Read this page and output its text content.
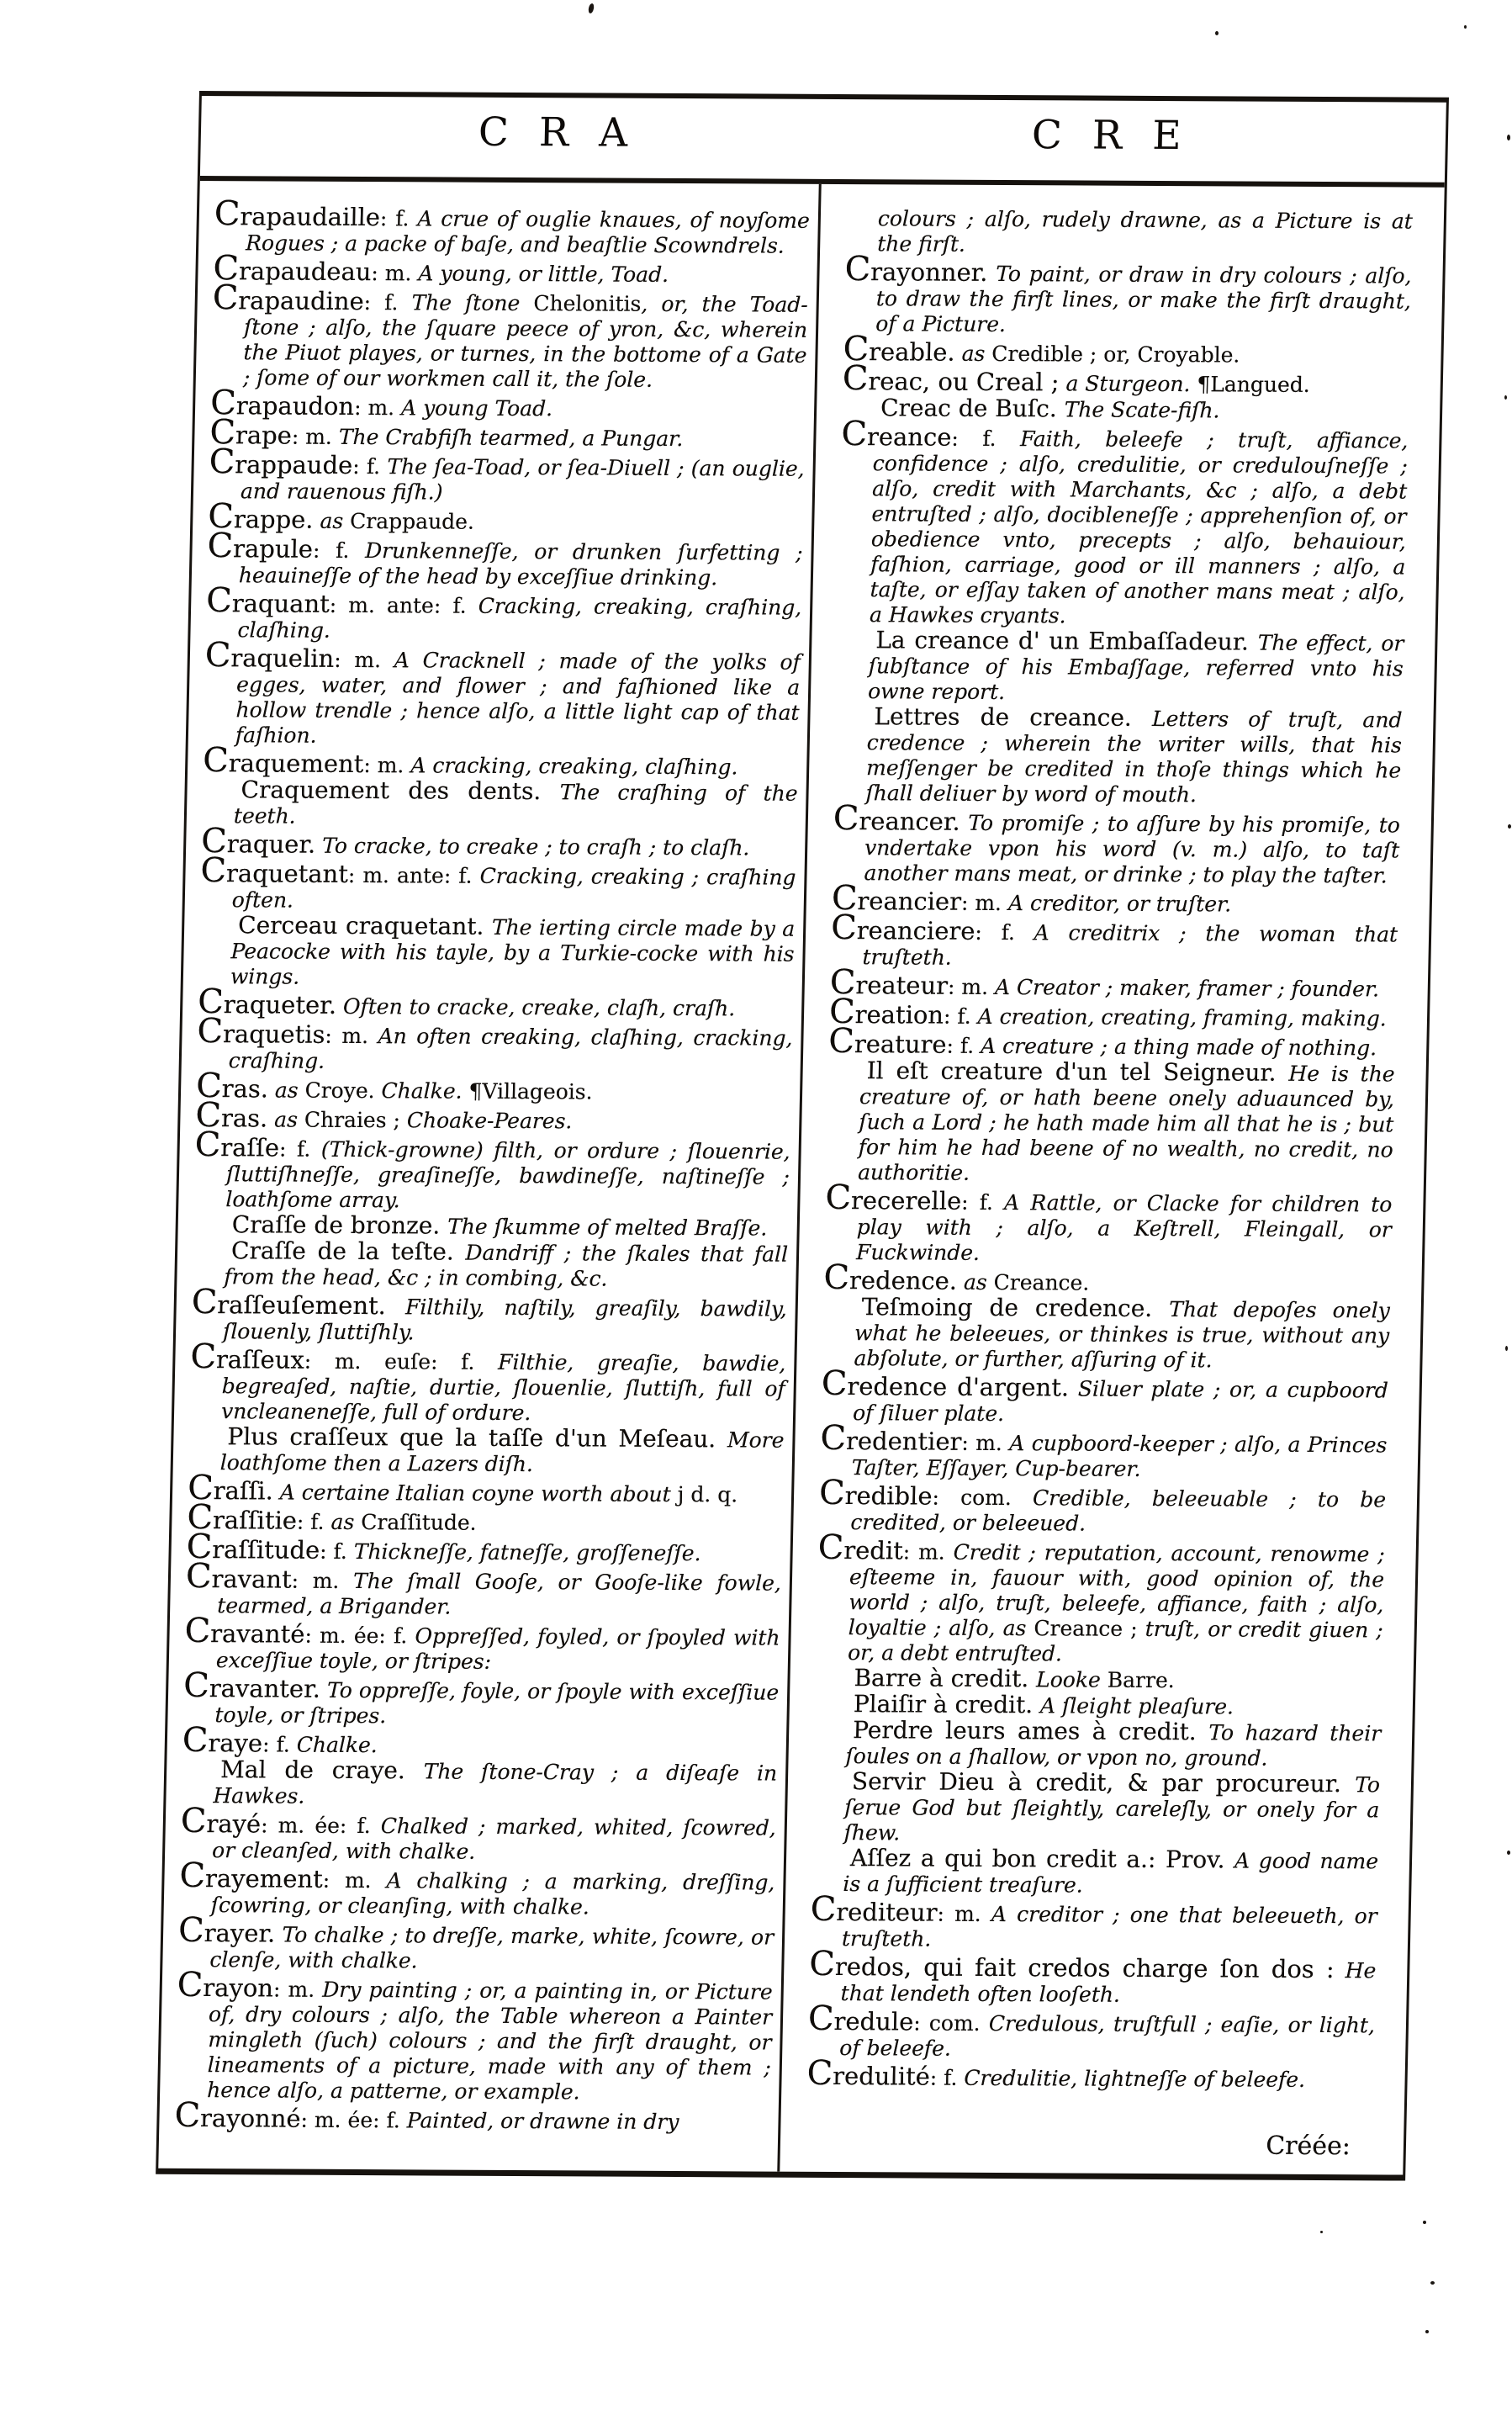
CRA	CRE

Crapaudaille: f. A crue of ouglie knaues, of noyſome Rogues ; a packe of baſe, and beaſtlie Scowndrels.

Crapaudeau: m. A young, or little, Toad.

Crapaudine: f. The ſtone Chelonitis, or, the Toad-ſtone ; alſo, the ſquare peece of yron, &c, wherein the Piuot playes, or turnes, in the bottome of a Gate ; ſome of our workmen call it, the ſole.

Crapaudon: m. A young Toad.

Crape: m. The Crabfiſh tearmed, a Pungar.

Crappaude: f. The ſea-Toad, or ſea-Diuell ; (an ouglie, and rauenous fiſh.)

Crappe. as Crappaude.

Crapule: f. Drunkenneſſe, or drunken ſurfetting ; heauineſſe of the head by exceſſiue drinking.

Craquant: m. ante: f. Cracking, creaking, craſhing, claſhing.

Craquelin: m. A Cracknell ; made of the yolks of egges, water, and flower ; and faſhioned like a hollow trendle ; hence alſo, a little light cap of that faſhion.

Craquement: m. A cracking, creaking, claſhing.

Craquement des dents. The craſhing of the teeth.

Craquer. To cracke, to creake ; to craſh ; to claſh.

Craquetant: m. ante: f. Cracking, creaking ; craſhing often.

Cerceau craquetant. The ierting circle made by a Peacocke with his tayle, by a Turkie-cocke with his wings.

Craqueter. Often to cracke, creake, claſh, craſh.

Craquetis: m. An often creaking, claſhing, cracking, craſhing.

Cras. as Croye. Chalke. ¶Villageois.

Cras. as Chraies ; Choake-Peares.

Craſſe: f. (Thick-growne) filth, or ordure ; ſlouenrie, ſluttiſhneſſe, greaſineſſe, bawdineſſe, naſtineſſe ; loathſome array.

Craſſe de bronze. The ſkumme of melted Braſſe.

Craſſe de la teſte. Dandriff ; the ſkales that fall from the head, &c ; in combing, &c.

Craſſeuſement. Filthily, naſtily, greaſily, bawdily, ſlouenly, ſluttiſhly.

Craſſeux: m. euſe: f. Filthie, greaſie, bawdie, begreaſed, naſtie, durtie, ſlouenlie, ſluttiſh, full of vncleaneneſſe, full of ordure.

Plus craſſeux que la taſſe d'un Meſeau. More loathſome then a Lazers diſh.

Craſſi. A certaine Italian coyne worth about j d. q.

Craſſitie: f. as Craſſitude.

Craſſitude: f. Thickneſſe, fatneſſe, groſſeneſſe.

Cravant: m. The ſmall Gooſe, or Gooſe-like fowle, tearmed, a Brigander.

Cravanté: m. ée: f. Oppreſſed, foyled, or ſpoyled with exceſſiue toyle, or ſtripes:

Cravanter. To oppreſſe, foyle, or ſpoyle with exceſſiue toyle, or ſtripes.

Craye: f. Chalke.

Mal de craye. The ſtone-Cray ; a diſeaſe in Hawkes.

Crayé: m. ée: f. Chalked ; marked, whited, ſcowred, or cleanſed, with chalke.

Crayement: m. A chalking ; a marking, dreſſing, ſcowring, or cleanſing, with chalke.

Crayer. To chalke ; to dreſſe, marke, white, ſcowre, or clenſe, with chalke.

Crayon: m. Dry painting ; or, a painting in, or Picture of, dry colours ; alſo, the Table whereon a Painter mingleth (ſuch) colours ; and the firſt draught, or lineaments of a picture, made with any of them ; hence alſo, a patterne, or example.

Crayonné: m. ée: f. Painted, or drawne in dry

colours ; alſo, rudely drawne, as a Picture is at the firſt.

Crayonner. To paint, or draw in dry colours ; alſo, to draw the firſt lines, or make the firſt draught, of a Picture.

Creable. as Credible ; or, Croyable.

Creac, ou Creal ; a Sturgeon. ¶Langued.

Creac de Buſc. The Scate-fiſh.

Creance: f. Faith, beleefe ; truſt, affiance, confidence ; alſo, credulitie, or credulouſneſſe ; alſo, credit with Marchants, &c ; alſo, a debt entruſted ; alſo, docibleneſſe ; apprehenſion of, or obedience vnto, precepts ; alſo, behauiour, faſhion, carriage, good or ill manners ; alſo, a taſte, or eſſay taken of another mans meat ; alſo, a Hawkes cryants.

La creance d' un Embaſſadeur. The effect, or ſubſtance of his Embaſſage, referred vnto his owne report.

Lettres de creance. Letters of truſt, and credence ; wherein the writer wills, that his meſſenger be credited in thoſe things which he ſhall deliuer by word of mouth.

Creancer. To promiſe ; to aſſure by his promiſe, to vndertake vpon his word (v. m.) alſo, to taſt another mans meat, or drinke ; to play the taſter.

Creancier: m. A creditor, or truſter.

Creanciere: f. A creditrix ; the woman that truſteth.

Createur: m. A Creator ; maker, framer ; founder.

Creation: f. A creation, creating, framing, making.

Creature: f. A creature ; a thing made of nothing.

Il eſt creature d'un tel Seigneur. He is the creature of, or hath beene onely aduaunced by, ſuch a Lord ; he hath made him all that he is ; but for him he had beene of no wealth, no credit, no authoritie.

Crecerelle: f. A Rattle, or Clacke for children to play with ; alſo, a Keſtrell, Fleingall, or Fuckwinde.

Credence. as Creance.

Teſmoing de credence. That depoſes onely what he beleeues, or thinkes is true, without any abſolute, or further, aſſuring of it.

Credence d'argent. Siluer plate ; or, a cupboord of ſiluer plate.

Credentier: m. A cupboord-keeper ; alſo, a Princes Taſter, Eſſayer, Cup-bearer.

Credible: com. Credible, beleeuable ; to be credited, or beleeued.

Credit: m. Credit ; reputation, account, renowme ; eſteeme in, fauour with, good opinion of, the world ; alſo, truſt, beleefe, affiance, faith ; alſo, loyaltie ; alſo, as Creance ; truſt, or credit giuen ; or, a debt entruſted.

Barre à credit. Looke Barre.

Plaiſir à credit. A ſleight pleaſure.

Perdre leurs ames à credit. To hazard their ſoules on a ſhallow, or vpon no, ground.

Servir Dieu à credit, & par procureur. To ſerue God but ſleightly, careleſly, or onely for a ſhew.

Aſſez a qui bon credit a.: Prov. A good name is a ſufficient treaſure.

Crediteur: m. A creditor ; one that beleeueth, or truſteth.

Credos, qui fait credos charge ſon dos : He that lendeth often looſeth.

Credule: com. Credulous, truſtfull ; eaſie, or light, of beleefe.

Credulité: f. Credulitie, lightneſſe of beleefe.

Créée:
